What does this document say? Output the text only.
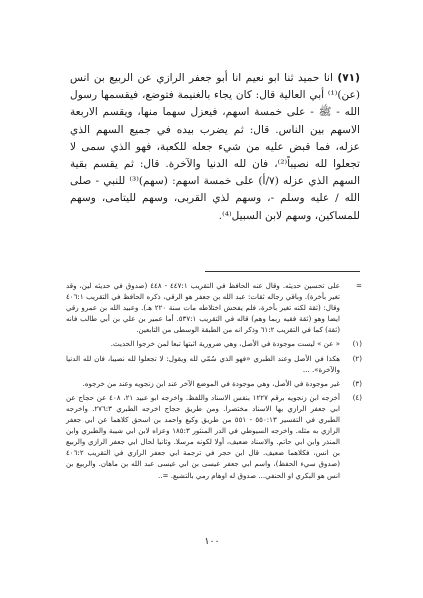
(٧١) انا حميد ثنا ابو نعيم انا أبو جعفر الرازي عن الربيع بن انس (عن)⁽¹⁾ أبي العالية قال: كان يجاء بالغنيمة فتوضع، فيقسمها رسول الله - ﷺ - على خمسة اسهم، فيعزل سهما منها، ويقسم الاربعة الاسهم بين الناس. قال: ثم يضرب بيده في جميع السهم الذي عزله، فما قبض عليه من شيء جعله للكعبة، فهو الذي سمى لا تجعلوا لله نصيباً⁽²⁾، فان لله الدنيا والآخرة. قال: ثم يقسم بقية السهم الذي عزله (٧/أ) على خمسة اسهم: (سهم)⁽³⁾ للنبي - صلى الله / عليه وسلم -، وسهم لذي القربى، وسهم لليتامى، وسهم للمساكين، وسهم لابن السبيل⁽⁴⁾.

=
على تحسين حديثه. وقال عنه الحافظ في التقريب ٤٤٧:١ - ٤٤٨ (صدوق في حديثه لين، وقد تغير بأخرة). وباقي رجاله ثقات: عبد الله بن جعفر هو الرقي، ذكره الحافظ في التقريب ٤٠٦:١ وقال: (ثقة لكنه تغير بأخرة، فلم يفحش اختلاطه مات سنة ٢٢٠ هـ). وعبيد الله بن عمرو رقي ايضا وهو (ثقة فقيه ربما وهم) قاله في التقريب ٥٣٧:١. أما عمير بن علي بن أبي طالب فانه (ثقة) كما في التقريب ٦١:٢ وذكر انه من الطبقة الوسطى من التابعين.
(١)
« عن » ليست موجودة في الأصل، وهي ضرورية اثبتها تبعا لمن خرجوا الحديث.
(٢)
هكذا في الأصل وعند الطبري «فهو الذي سُمّي لله ويقول: لا تجعلوا لله نصيبا، فان لله الدنيا والآخرة». ...
(٣)
غير موجودة في الأصل، وهي موجودة في الموضع الآخر عند ابن زنجويه وعند من خرجوه.
(٤)
أخرجه ابن زنجويه برقم ١٢٢٧ بنفس الاسناد واللفظ. واخرجه ابو عبيد ٢١، ٤٠٨ عن حجاج عن ابي جعفر الرازي بها الاسناد مختصرا. ومن طريق حجاج اخرجه الطبري ٢٧٦:٣. واخرجه الطبري في التفسير ٥٥٠:١٣ - ٥٥١ من طريق وكيع واحمد بن اسحق كلاهما عن ابي جعفر الرازي به مثله. واخرجه السيوطي في الدر المنثور ١٨٥:٣ وعزاه لابن ابي شيبة والطبري وابن المنذر وابن ابي حاتم. والاسناد ضعيف، أولا لكونه مرسلا. وثانيا لحال ابي جعفر الرازي والربيع بن انس، فكلاهما ضعيف. قال ابن حجر في ترجمة ابي جعفر الرازي في التقريب ٤٠٦:٢ (صدوق سيء الحفظ)، واسم ابي جعفر عيسى بن ابي عيسى عبد الله بن ماهان. والربيع بن انس هو البكري او الحنفي... صدوق له اوهام رمي بالتشيع. =..
١٠٠
